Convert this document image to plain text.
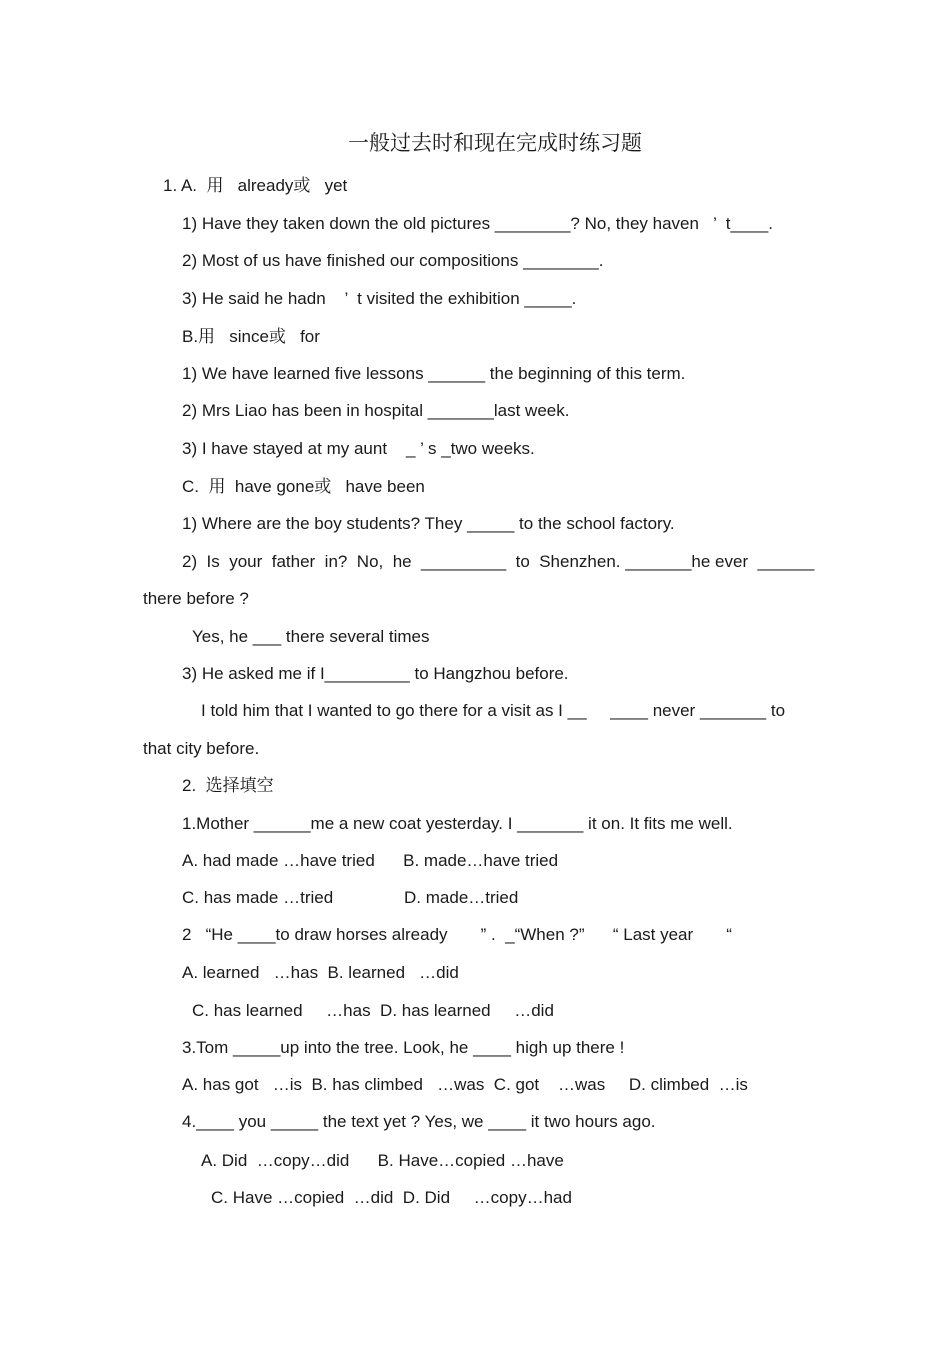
一般过去时和现在完成时练习题
1. A.  用   already或   yet
1) Have they taken down the old pictures ________? No, they haven   ’  t____.
2) Most of us have finished our compositions ________.
3) He said he hadn    ’  t visited the exhibition _____.
B.用   since或   for
1) We have learned five lessons ______ the beginning of this term.
2) Mrs Liao has been in hospital _______last week.
3) I have stayed at my aunt    _ ’ s _two weeks.
C.  用  have gone或   have been
1) Where are the boy students? They _____ to the school factory.
2)  Is  your  father  in?  No,  he  _________  to  Shenzhen. _______he ever  ______
there before ?
Yes, he ___ there several times
3) He asked me if I_________ to Hangzhou before.
I told him that I wanted to go there for a visit as I __     ____ never _______ to
that city before.
2.  选择填空
1.Mother ______me a new coat yesterday. I _______ it on. It fits me well.
A. had made …have tried      B. made…have tried
C. has made …tried               D. made…tried
2   “He ____to draw horses already       ” .  _“When ?”      “ Last year       “
A. learned   …has  B. learned   …did
C. has learned     …has  D. has learned     …did
3.Tom _____up into the tree. Look, he ____ high up there !
A. has got   …is  B. has climbed   …was  C. got    …was     D. climbed  …is
4.____ you _____ the text yet ? Yes, we ____ it two hours ago.
A. Did  …copy…did      B. Have…copied …have
C. Have …copied  …did  D. Did     …copy…had
